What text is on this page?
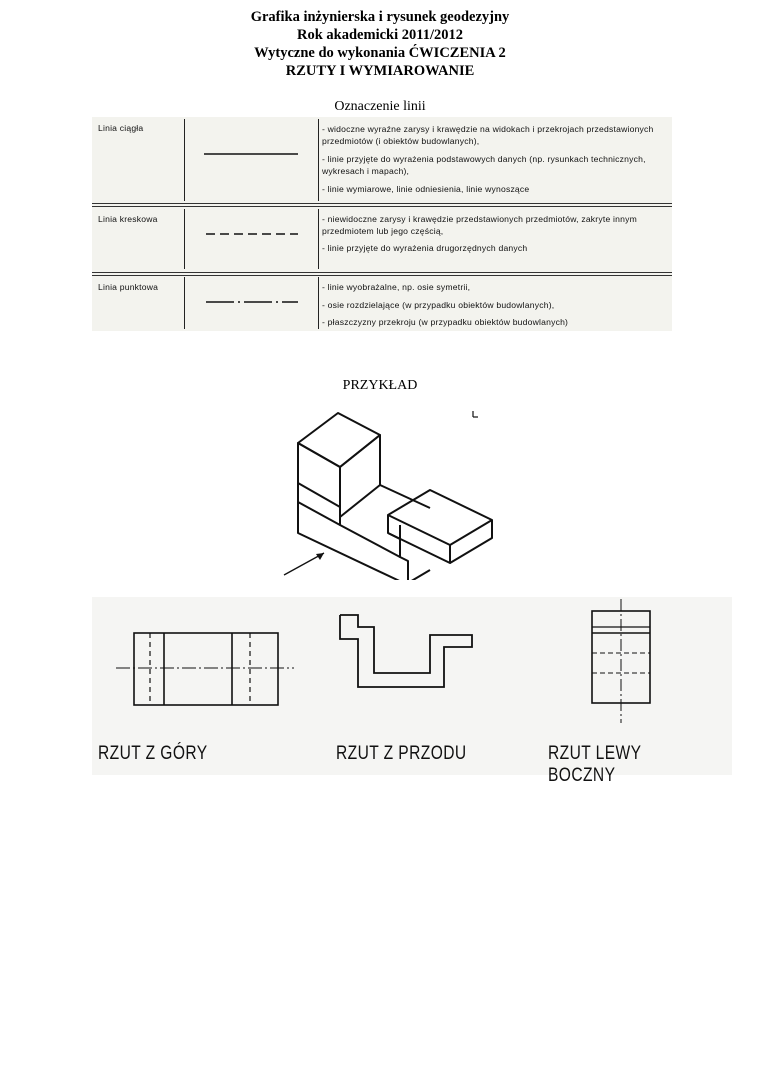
Grafika inżynierska i rysunek geodezyjny
Rok akademicki 2011/2012
Wytyczne do wykonania ĆWICZENIA 2
RZUTY I WYMIAROWANIE
Oznaczenie linii
Linia ciągła	- widoczne wyraźne zarysy i krawędzie na widokach i przekrojach przedstawionych przedmiotów (i obiektów budowlanych),
- linie przyjęte do wyrażenia podstawowych danych (np. rysunkach technicznych, wykresach i mapach),
- linie wymiarowe, linie odniesienia, linie wynoszące
Linia kreskowa	- niewidoczne zarysy i krawędzie przedstawionych przedmiotów, zakryte innym przedmiotem lub jego częścią,
- linie przyjęte do wyrażenia drugorzędnych danych
Linia punktowa	- linie wyobrażalne, np. osie symetrii,
- osie rozdzielające (w przypadku obiektów budowlanych),
- płaszczyzny przekroju (w przypadku obiektów budowlanych)
PRZYKŁAD
RZUT Z GÓRY	RZUT Z PRZODU	RZUT LEWY BOCZNY
